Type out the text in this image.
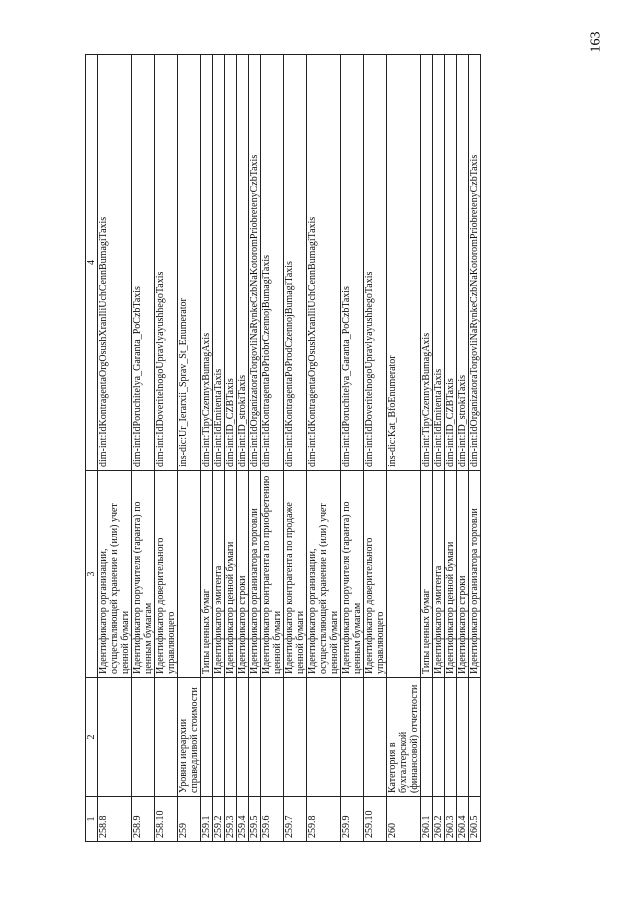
1	2	3	4
258.8		Идентификатор организации, осуществляющей хранение и (или) учет ценной бумаги	dim-int:IdKontragentaOrgOsushXranIliUchCennBumagiTaxis
258.9		Идентификатор поручителя (гаранта) по ценным бумагам	dim-int:IdPoruchitelya_Garanta_PoCzbTaxis
258.10		Идентификатор доверительного управляющего	dim-int:IdDoveritelnogoUpravlyayushhegoTaxis
259	Уровни иерархии справедливой стоимости		ins-dic:Ur_Ierarxii_Sprav_St_Enumerator
259.1		Типы ценных бумаг	dim-int:TipyCzennyxBumagAxis
259.2		Идентификатор эмитента	dim-int:IdEmitentaTaxis
259.3		Идентификатор ценной бумаги	dim-int:ID_CZBTaxis
259.4		Идентификатор строки	dim-int:ID_strokiTaxis
259.5		Идентификатор организатора торговли	dim-int:IdOrganizatoraTorgovliNaRynkeCzbNaKotoromPriobretenyCzbTaxis
259.6		Идентификатор контрагента по приобретению ценной бумаги	dim-int:IdKontragentaPoPriobrCzennojBumagiTaxis
259.7		Идентификатор контрагента по продаже ценной бумаги	dim-int:IdKontragentaPoProdCzennojBumagiTaxis
259.8		Идентификатор организации, осуществляющей хранение и (или) учет ценной бумаги	dim-int:IdKontragentaOrgOsushXranIliUchCennBumagiTaxis
259.9		Идентификатор поручителя (гаранта) по ценным бумагам	dim-int:IdPoruchitelya_Garanta_PoCzbTaxis
259.10		Идентификатор доверительного управляющего	dim-int:IdDoveritelnogoUpravlyayushhegoTaxis
260	Категория в бухгалтерской (финансовой) отчетности		ins-dic:Kat_BfoEnumerator
260.1		Типы ценных бумаг	dim-int:TipyCzennyxBumagAxis
260.2		Идентификатор эмитента	dim-int:IdEmitentaTaxis
260.3		Идентификатор ценной бумаги	dim-int:ID_CZBTaxis
260.4		Идентификатор строки	dim-int:ID_strokiTaxis
260.5		Идентификатор организатора торговли	dim-int:IdOrganizatoraTorgovliNaRynkeCzbNaKotoromPriobretenyCzbTaxis
163
